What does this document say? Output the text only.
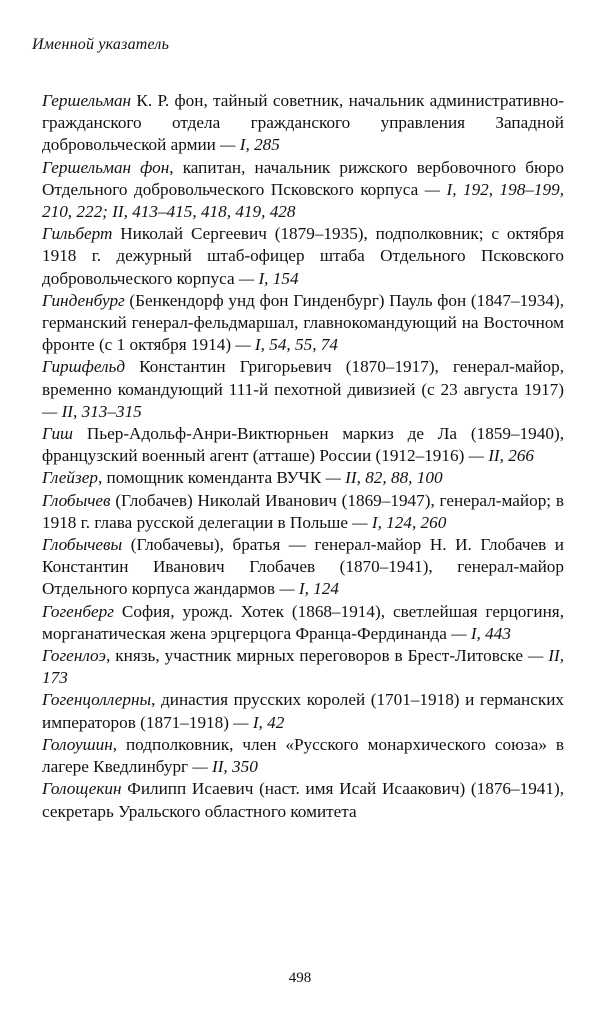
Именной указатель

Гершельман К. Р. фон, тайный советник, начальник административно-гражданского отдела гражданского управления Западной добровольческой армии — I, 285

Гершельман фон, капитан, начальник рижского вербовочного бюро Отдельного добровольческого Псковского корпуса — I, 192, 198–199, 210, 222; II, 413–415, 418, 419, 428

Гильберт Николай Сергеевич (1879–1935), подполковник; с октября 1918 г. дежурный штаб-офицер штаба Отдельного Псковского добровольческого корпуса — I, 154

Гинденбург (Бенкендорф унд фон Гинденбург) Пауль фон (1847–1934), германский генерал-фельдмаршал, главнокомандующий на Восточном фронте (с 1 октября 1914) — I, 54, 55, 74

Гиршфельд Константин Григорьевич (1870–1917), генерал-майор, временно командующий 111-й пехотной дивизией (с 23 августа 1917) — II, 313–315

Гиш Пьер-Адольф-Анри-Виктюрньен маркиз де Ла (1859–1940), французский военный агент (атташе) России (1912–1916) — II, 266

Глейзер, помощник коменданта ВУЧК — II, 82, 88, 100

Глобычев (Глобачев) Николай Иванович (1869–1947), генерал-майор; в 1918 г. глава русской делегации в Польше — I, 124, 260

Глобычевы (Глобачевы), братья — генерал-майор Н. И. Глобачев и Константин Иванович Глобачев (1870–1941), генерал-майор Отдельного корпуса жандармов — I, 124

Гогенберг София, урожд. Хотек (1868–1914), светлейшая герцогиня, морганатическая жена эрцгерцога Франца-Фердинанда — I, 443

Гогенлоэ, князь, участник мирных переговоров в Брест-Литовске — II, 173

Гогенцоллерны, династия прусских королей (1701–1918) и германских императоров (1871–1918) — I, 42

Голоушин, подполковник, член «Русского монархического союза» в лагере Кведлинбург — II, 350

Голощекин Филипп Исаевич (наст. имя Исай Исаакович) (1876–1941), секретарь Уральского областного комитета

498
